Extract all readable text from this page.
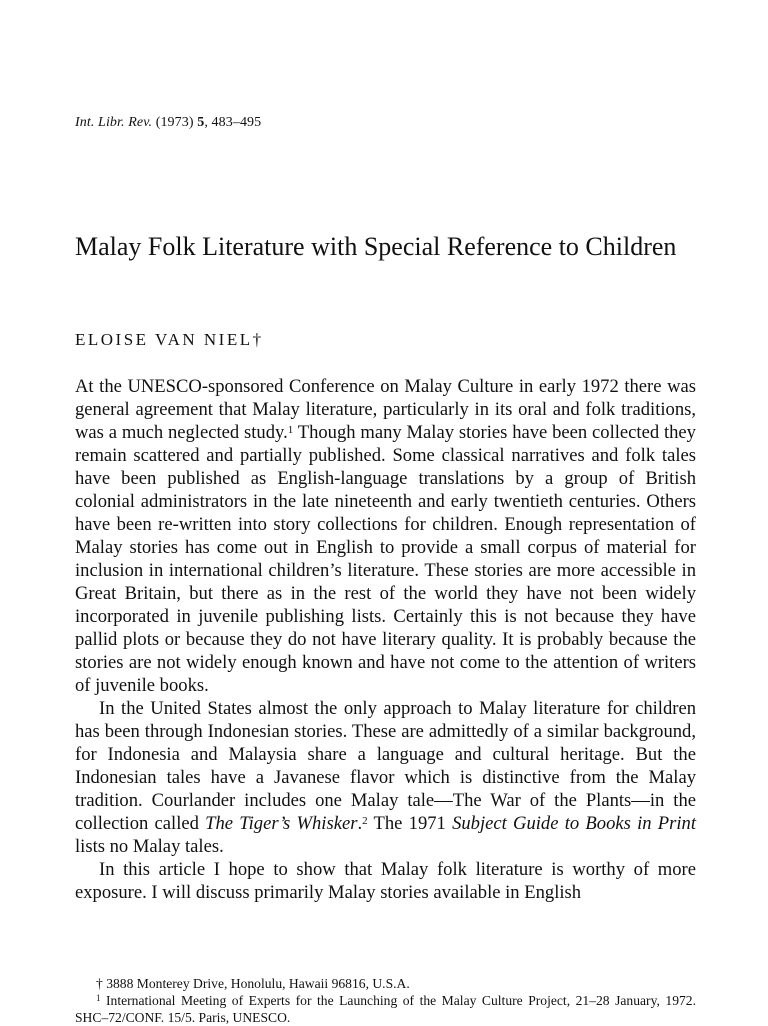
Int. Libr. Rev. (1973) 5, 483–495
Malay Folk Literature with Special Reference to Children
ELOISE VAN NIEL†

At the UNESCO-sponsored Conference on Malay Culture in early 1972 there was general agreement that Malay literature, particularly in its oral and folk traditions, was a much neglected study.$^1$ Though many Malay stories have been collected they remain scattered and partially published. Some classical narratives and folk tales have been published as English-language translations by a group of British colonial administrators in the late nineteenth and early twentieth centuries. Others have been re-written into story collections for children. Enough representation of Malay stories has come out in English to provide a small corpus of material for inclusion in international children’s literature. These stories are more accessible in Great Britain, but there as in the rest of the world they have not been widely incorporated in juvenile publishing lists. Certainly this is not because they have pallid plots or because they do not have literary quality. It is probably because the stories are not widely enough known and have not come to the attention of writers of juvenile books.

In the United States almost the only approach to Malay literature for children has been through Indonesian stories. These are admittedly of a similar background, for Indonesia and Malaysia share a language and cultural heritage. But the Indonesian tales have a Javanese flavor which is distinctive from the Malay tradition. Courlander includes one Malay tale—The War of the Plants—in the collection called The Tiger’s Whisker.$^2$ The 1971 Subject Guide to Books in Print lists no Malay tales.

In this article I hope to show that Malay folk literature is worthy of more exposure. I will discuss primarily Malay stories available in English

† 3888 Monterey Drive, Honolulu, Hawaii 96816, U.S.A.
$^1$ International Meeting of Experts for the Launching of the Malay Culture Project, 21–28 January, 1972. SHC–72/CONF. 15/5. Paris, UNESCO.
